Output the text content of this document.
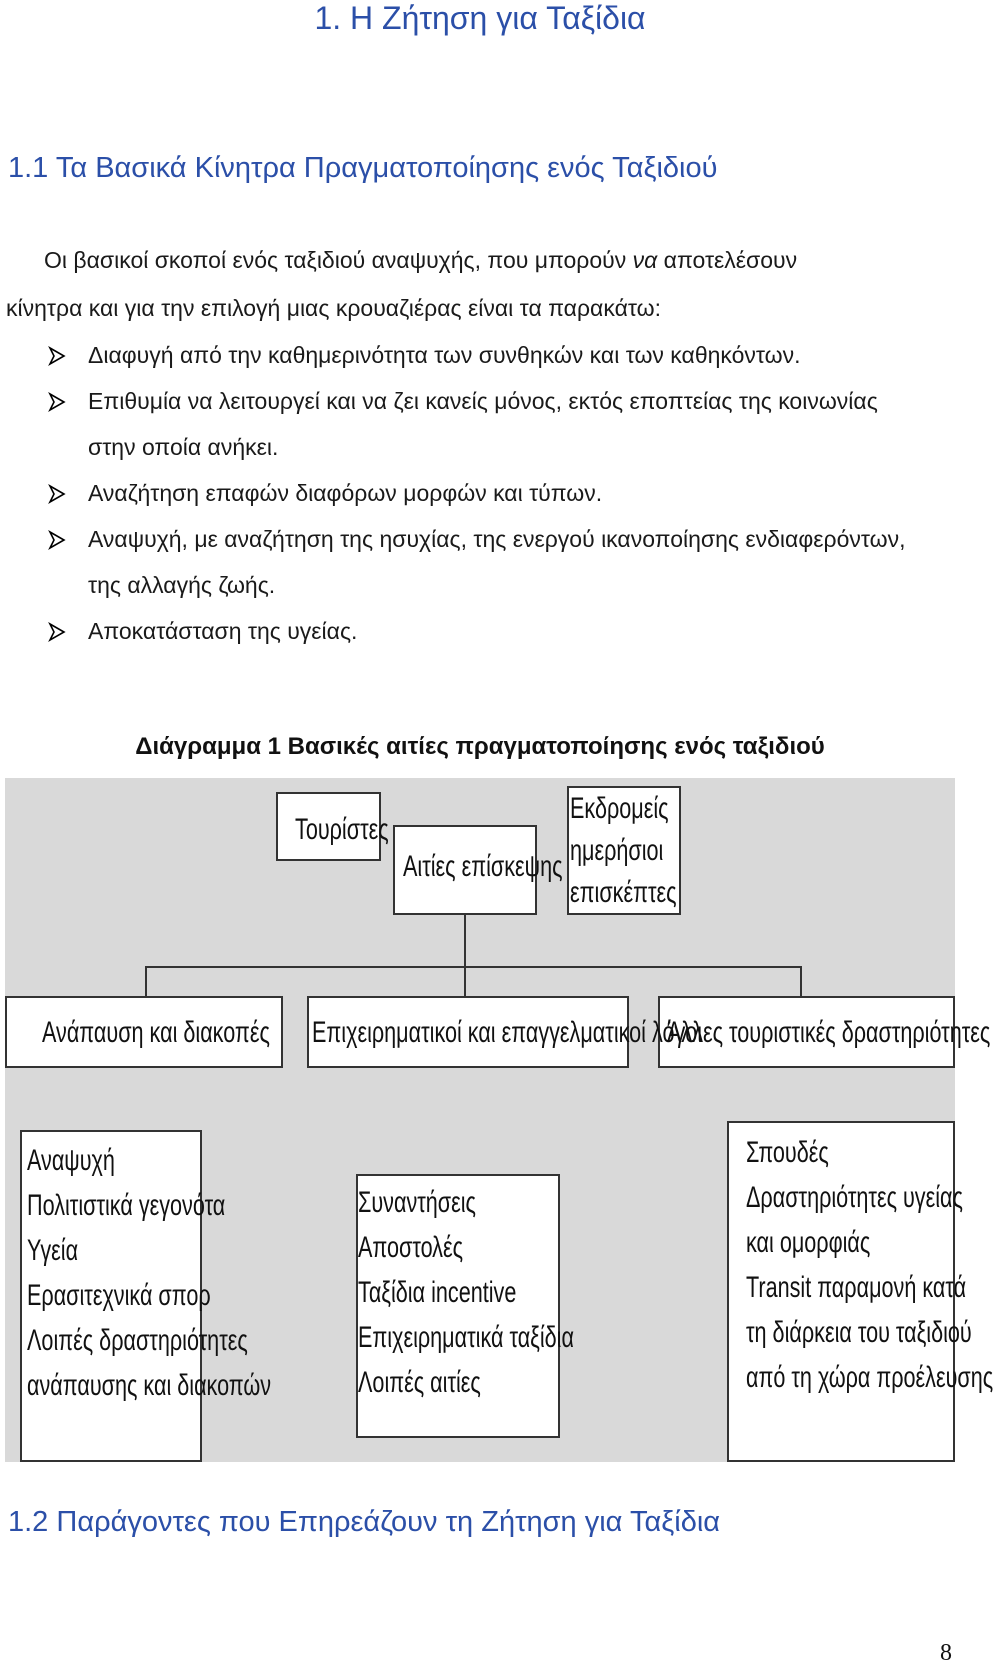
1. Η Ζήτηση για Ταξίδια
1.1 Τα Βασικά Κίνητρα Πραγματοποίησης ενός Ταξιδιού
Οι βασικοί σκοποί ενός ταξιδιού αναψυχής, που μπορούν να αποτελέσουν
κίνητρα και για την επιλογή μιας κρουαζιέρας είναι τα παρακάτω:
Διαφυγή από την καθημερινότητα των συνθηκών και των καθηκόντων.
Επιθυμία να λειτουργεί και να ζει κανείς μόνος, εκτός εποπτείας της κοινωνίας στην οποία ανήκει.
Αναζήτηση επαφών διαφόρων μορφών και τύπων.
Αναψυχή, με αναζήτηση της ησυχίας, της ενεργού ικανοποίησης ενδιαφερόντων, της αλλαγής ζωής.
Αποκατάσταση της υγείας.
Διάγραμμα 1 Βασικές αιτίες πραγματοποίησης ενός ταξιδιού
Τουρίστες
Αιτίες επίσκεψης
Εκδρομείς
ημερήσιοι
επισκέπτες
Ανάπαυση και διακοπές Επιχειρηματικοί και επαγγελματικοί λόγοι
Άλλες τουριστικές δραστηριότητες
Αναψυχή
Πολιτιστικά γεγονότα
Υγεία
Ερασιτεχνικά σπορ
Λοιπές δραστηριότητες
ανάπαυσης και διακοπών
Συναντήσεις
Αποστολές
Ταξίδια incentive
Επιχειρηματικά ταξίδια
Λοιπές αιτίες
Σπουδές
Δραστηριότητες υγείας
και ομορφιάς
Transit παραμονή κατά
τη διάρκεια του ταξιδιού
από τη χώρα προέλευσης
1.2 Παράγοντες που Επηρεάζουν τη Ζήτηση για Ταξίδια
8
